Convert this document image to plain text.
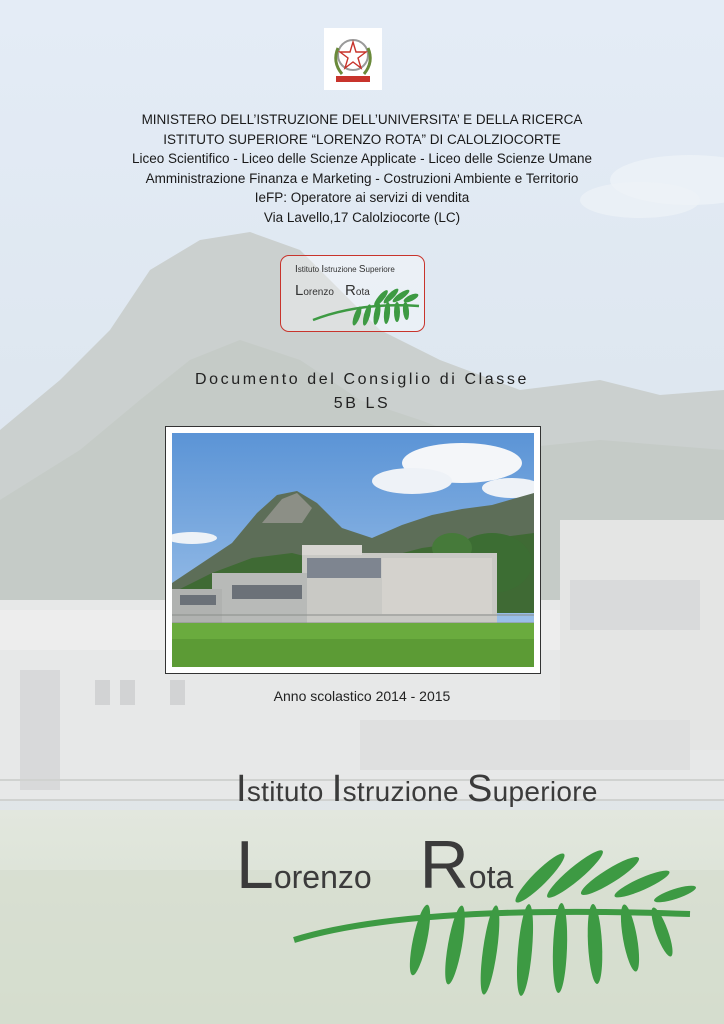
MINISTERO DELL’ISTRUZIONE DELL’UNIVERSITA’ E DELLA RICERCA
ISTITUTO SUPERIORE “LORENZO ROTA” DI CALOLZIOCORTE
Liceo Scientifico - Liceo delle Scienze Applicate - Liceo delle Scienze Umane
Amministrazione Finanza e Marketing - Costruzioni Ambiente e Territorio
IeFP: Operatore ai servizi di vendita
Via Lavello,17 Calolziocorte (LC)
Istituto Istruzione Superiore
Lorenzo    Rota
Documento del Consiglio di Classe
5B LS
Anno scolastico 2014 - 2015
Istituto Istruzione Superiore
Lorenzo Rota
